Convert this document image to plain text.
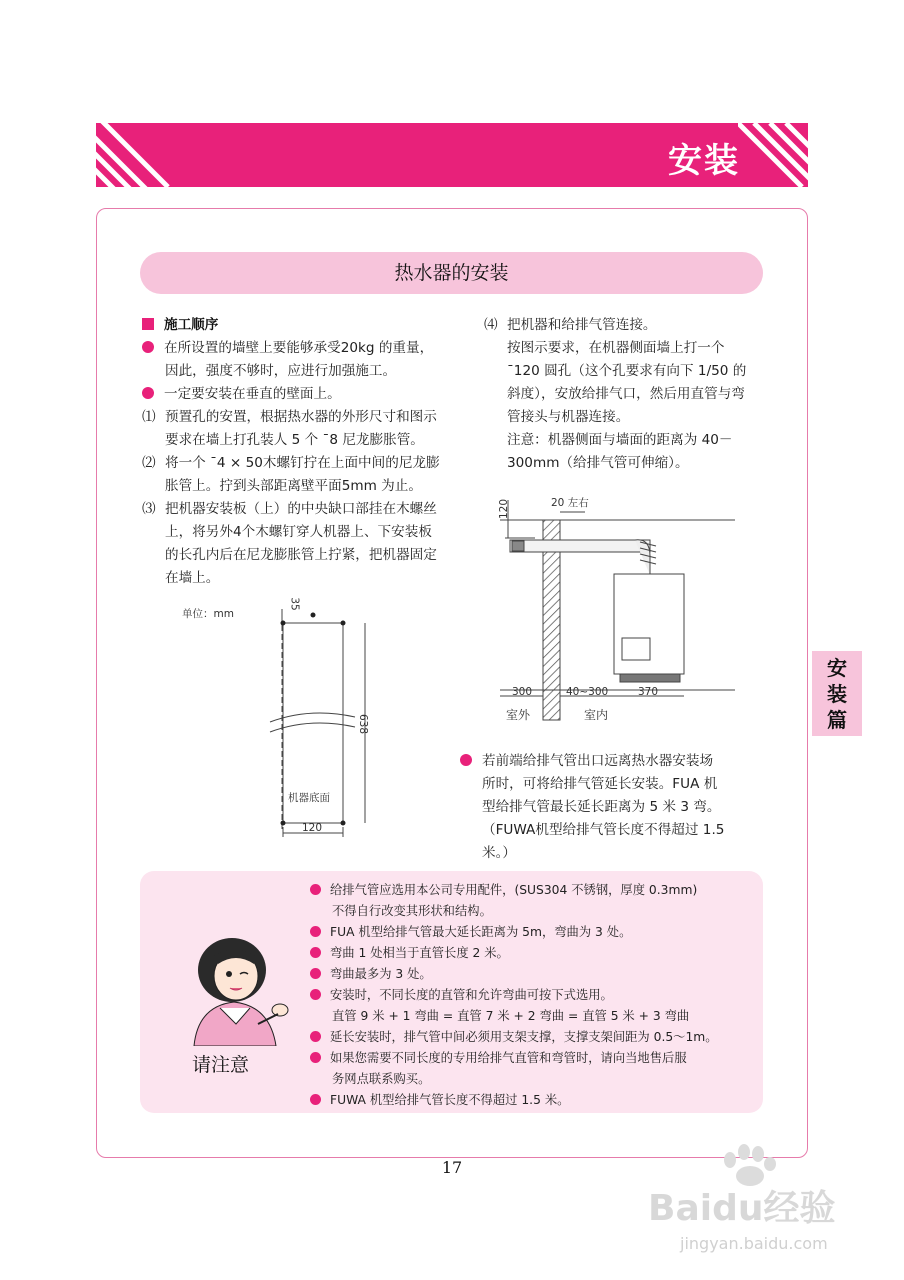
安装
安
装
篇
热水器的安装
施工顺序
在所设置的墙壁上要能够承受20kg 的重量，
因此，强度不够时，应进行加强施工。
一定要安装在垂直的壁面上。
⑴ 预置孔的安置，根据热水器的外形尺寸和图示
要求在墙上打孔装人 5 个 ¯8 尼龙膨胀管。
⑵ 将一个 ¯4 × 50木螺钉拧在上面中间的尼龙膨
胀管上。拧到头部距离壁平面5mm 为止。
⑶ 把机器安装板（上）的中央缺口部挂在木螺丝
上，将另外4个木螺钉穿人机器上、下安装板
的长孔内后在尼龙膨胀管上拧紧，把机器固定
在墙上。
⑷ 把机器和给排气管连接。
按图示要求，在机器侧面墙上打一个
¯120 圆孔（这个孔要求有向下 1/50 的
斜度），安放给排气口，然后用直管与弯
管接头与机器连接。
注意：机器侧面与墙面的距离为 40－
300mm（给排气管可伸缩）。
单位：mm
35
638
120
机器底面
120	20 左右
300	40~300	370
室外	室内
若前端给排气管出口远离热水器安装场
所时，可将给排气管延长安装。FUA 机
型给排气管最长延长距离为 5 米 3 弯。
（FUWA机型给排气管长度不得超过 1.5
米。）
请注意
给排气管应选用本公司专用配件，(SUS304 不锈钢，厚度 0.3mm)
不得自行改变其形状和结构。
FUA 机型给排气管最大延长距离为 5m，弯曲为 3 处。
弯曲 1 处相当于直管长度 2 米。
弯曲最多为 3 处。
安装时，不同长度的直管和允许弯曲可按下式选用。
直管 9 米 + 1 弯曲 = 直管 7 米 + 2 弯曲 = 直管 5 米 + 3 弯曲
延长安装时，排气管中间必须用支架支撑，支撑支架间距为 0.5～1m。
如果您需要不同长度的专用给排气直管和弯管时，请向当地售后服
务网点联系购买。
FUWA 机型给排气管长度不得超过 1.5 米。
17
Baidu经验
jingyan.baidu.com
